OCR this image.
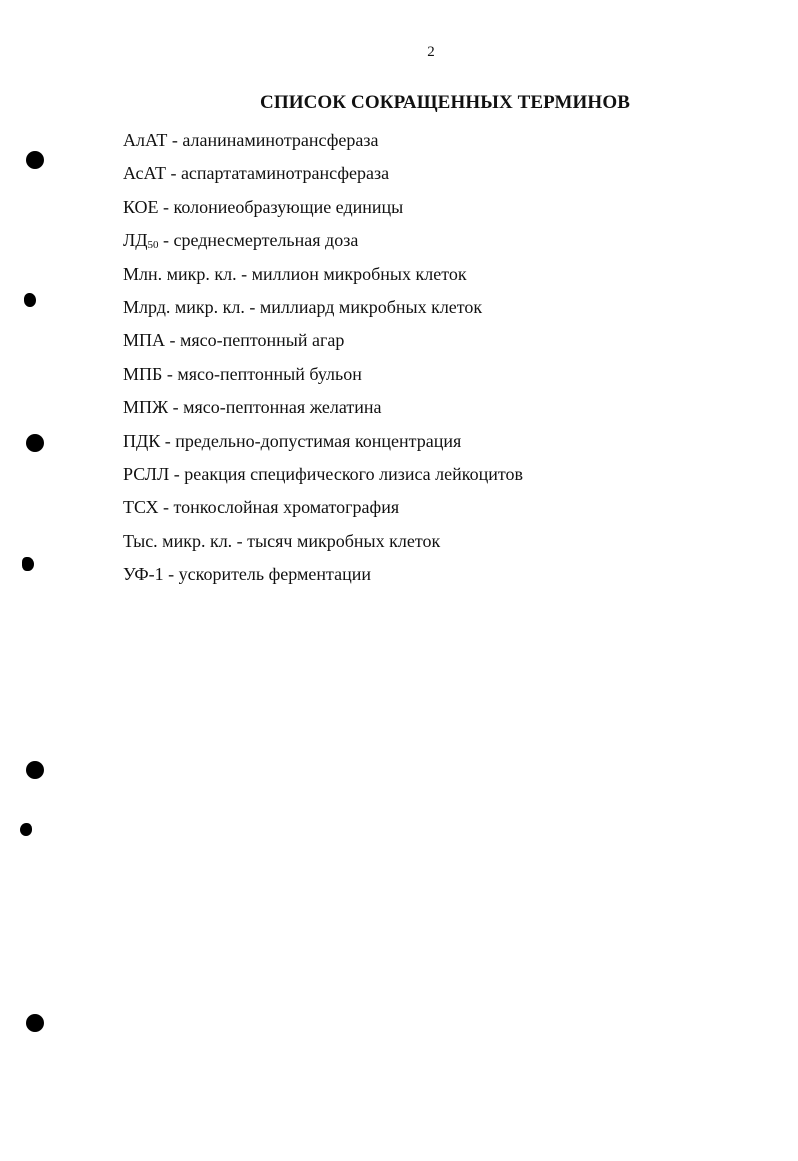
2
СПИСОК СОКРАЩЕННЫХ ТЕРМИНОВ
АлАТ - аланинаминотрансфераза
АсАТ - аспартатаминотрансфераза
КОЕ - колониеобразующие единицы
$ЛД_{50}$ - среднесмертельная доза
Млн. микр. кл. - миллион микробных клеток
Млрд. микр. кл. - миллиард микробных клеток
МПА - мясо-пептонный агар
МПБ - мясо-пептонный бульон
МПЖ - мясо-пептонная желатина
ПДК - предельно-допустимая концентрация
РСЛЛ - реакция специфического лизиса лейкоцитов
ТСХ - тонкослойная хроматография
Тыс. микр. кл. - тысяч микробных клеток
УФ-1 - ускоритель ферментации
